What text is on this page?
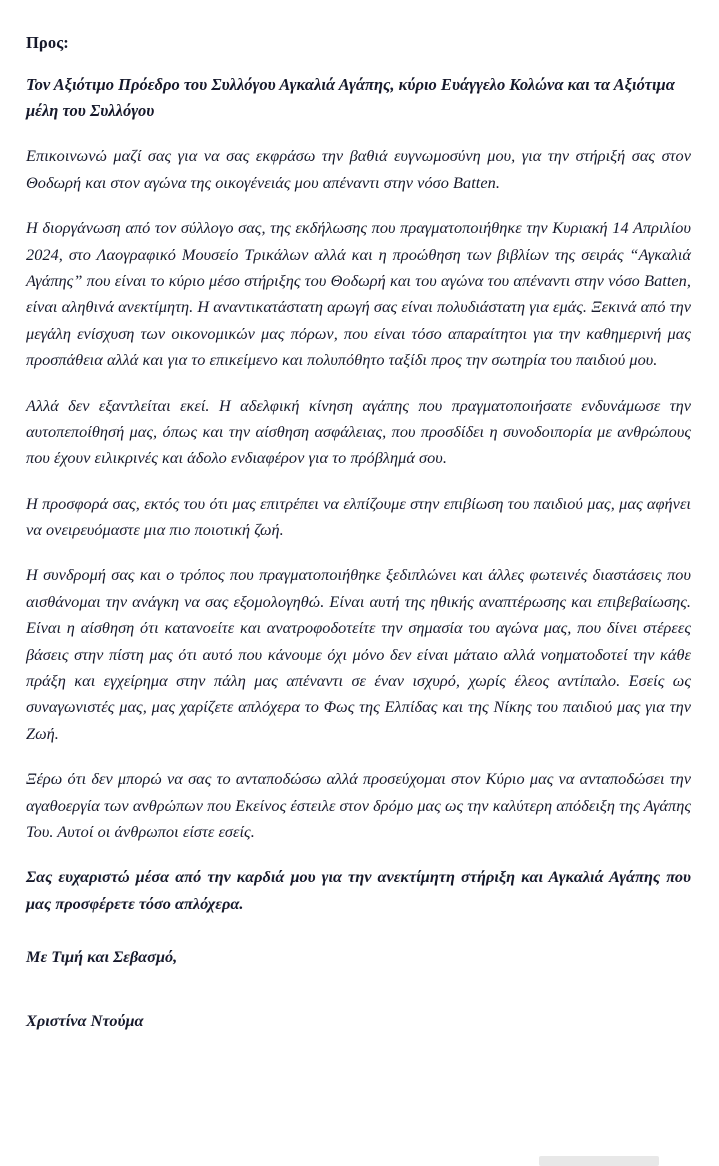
Προς:
Τον Αξιότιμο Πρόεδρο του Συλλόγου Αγκαλιά Αγάπης, κύριο Ευάγγελο Κολώνα και τα Αξιότιμα μέλη του Συλλόγου

Επικοινωνώ μαζί σας για να σας εκφράσω την βαθιά ευγνωμοσύνη μου, για την στήριξή σας στον Θοδωρή και στον αγώνα της οικογένειάς μου απέναντι στην νόσο Batten.

Η διοργάνωση από τον σύλλογο σας, της εκδήλωσης που πραγματοποιήθηκε την Κυριακή 14 Απριλίου 2024, στο Λαογραφικό Μουσείο Τρικάλων αλλά και η προώθηση των βιβλίων της σειράς “Αγκαλιά Αγάπης” που είναι το κύριο μέσο στήριξης του Θοδωρή και του αγώνα του απέναντι στην νόσο Batten, είναι αληθινά ανεκτίμητη. Η αναντικατάστατη αρωγή σας είναι πολυδιάστατη για εμάς. Ξεκινά από την μεγάλη ενίσχυση των οικονομικών μας πόρων, που είναι τόσο απαραίτητοι για την καθημερινή μας προσπάθεια αλλά και για το επικείμενο και πολυπόθητο ταξίδι προς την σωτηρία του παιδιού μου.

Αλλά δεν εξαντλείται εκεί. Η αδελφική κίνηση αγάπης που πραγματοποιήσατε ενδυνάμωσε την αυτοπεποίθησή μας, όπως και την αίσθηση ασφάλειας, που προσδίδει η συνοδοιπορία με ανθρώπους που έχουν ειλικρινές και άδολο ενδιαφέρον για το πρόβλημά σου.

Η προσφορά σας, εκτός του ότι μας επιτρέπει να ελπίζουμε στην επιβίωση του παιδιού μας, μας αφήνει να ονειρευόμαστε μια πιο ποιοτική ζωή.

Η συνδρομή σας και ο τρόπος που πραγματοποιήθηκε ξεδιπλώνει και άλλες φωτεινές διαστάσεις που αισθάνομαι την ανάγκη να σας εξομολογηθώ. Είναι αυτή της ηθικής αναπτέρωσης και επιβεβαίωσης. Είναι η αίσθηση ότι κατανοείτε και ανατροφοδοτείτε την σημασία του αγώνα μας, που δίνει στέρεες βάσεις στην πίστη μας ότι αυτό που κάνουμε όχι μόνο δεν είναι μάταιο αλλά νοηματοδοτεί την κάθε πράξη και εγχείρημα στην πάλη μας απέναντι σε έναν ισχυρό, χωρίς έλεος αντίπαλο. Εσείς ως συναγωνιστές μας, μας χαρίζετε απλόχερα το Φως της Ελπίδας και της Νίκης του παιδιού μας για την Ζωή.

Ξέρω ότι δεν μπορώ να σας το ανταποδώσω αλλά προσεύχομαι στον Κύριο μας να ανταποδώσει την αγαθοεργία των ανθρώπων που Εκείνος έστειλε στον δρόμο μας ως την καλύτερη απόδειξη της Αγάπης Του. Αυτοί οι άνθρωποι είστε εσείς.

Σας ευχαριστώ μέσα από την καρδιά μου για την ανεκτίμητη στήριξη και Αγκαλιά Αγάπης που μας προσφέρετε τόσο απλόχερα.
Με Τιμή και Σεβασμό,
Χριστίνα Ντούμα
